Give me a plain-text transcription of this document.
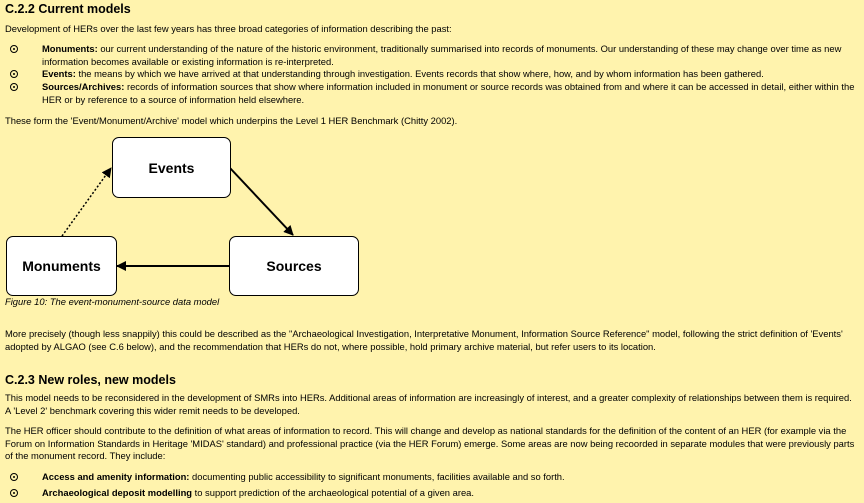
C.2.2 Current models

Development of HERs over the last few years has three broad categories of information describing the past:

Monuments: our current understanding of the nature of the historic environment, traditionally summarised into records of monuments. Our understanding of these may change over time as new information becomes available or existing information is re-interpreted.
Events: the means by which we have arrived at that understanding through investigation. Events records that show where, how, and by whom information has been gathered.
Sources/Archives: records of information sources that show where information included in monument or source records was obtained from and where it can be accessed in detail, either within the HER or by reference to a source of information held elsewhere.

These form the 'Event/Monument/Archive' model which underpins the Level 1 HER Benchmark (Chitty 2002).

Events
Monuments	Sources
Figure 10: The event-monument-source data model

More precisely (though less snappily) this could be described as the "Archaeological Investigation, Interpretative Monument, Information Source Reference" model, following the strict definition of 'Events' adopted by ALGAO (see C.6 below), and the recommendation that HERs do not, where possible, hold primary archive material, but refer users to its location.

C.2.3 New roles, new models

This model needs to be reconsidered in the development of SMRs into HERs. Additional areas of information are increasingly of interest, and a greater complexity of relationships between them is required. A 'Level 2' benchmark covering this wider remit needs to be developed.

The HER officer should contribute to the definition of what areas of information to record. This will change and develop as national standards for the definition of the content of an HER (for example via the Forum on Information Standards in Heritage 'MIDAS' standard) and professional practice (via the HER Forum) emerge. Some areas are now being recoorded in separate modules that were previously parts of the monument record. They include:

Access and amenity information: documenting public accessibility to significant monuments, facilities available and so forth.
Archaeological deposit modelling to support prediction of the archaeological potential of a given area.
